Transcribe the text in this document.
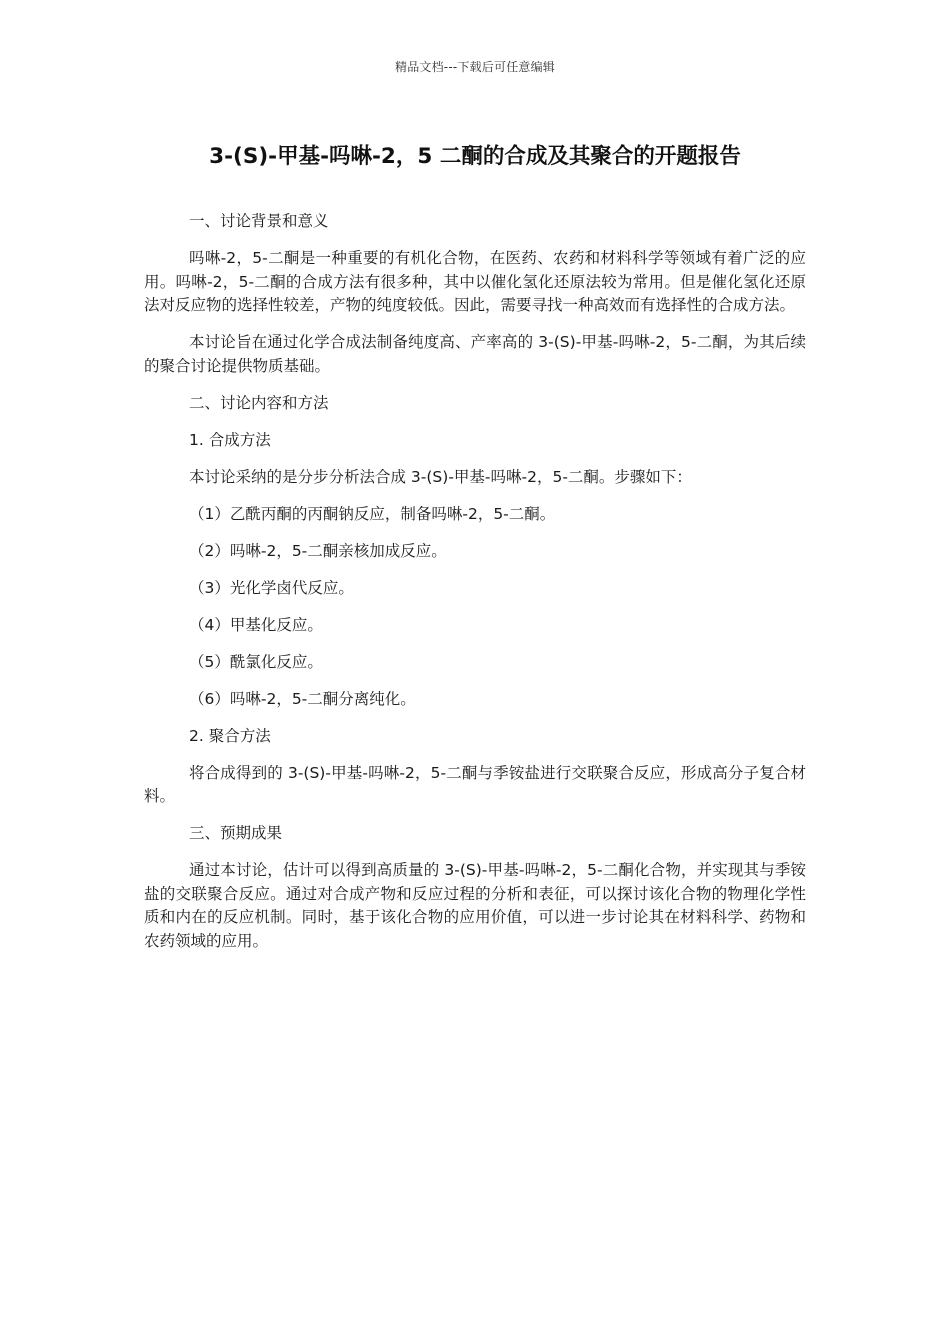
精品文档---下载后可任意编辑
3-(S)-甲基-吗啉-2，5 二酮的合成及其聚合的开题报告

一、讨论背景和意义

吗啉-2，5-二酮是一种重要的有机化合物，在医药、农药和材料科学等领域有着广泛的应用。吗啉-2，5-二酮的合成方法有很多种，其中以催化氢化还原法较为常用。但是催化氢化还原法对反应物的选择性较差，产物的纯度较低。因此，需要寻找一种高效而有选择性的合成方法。

本讨论旨在通过化学合成法制备纯度高、产率高的 3-(S)-甲基-吗啉-2，5-二酮，为其后续的聚合讨论提供物质基础。

二、讨论内容和方法

1. 合成方法

本讨论采纳的是分步分析法合成 3-(S)-甲基-吗啉-2，5-二酮。步骤如下：

（1）乙酰丙酮的丙酮钠反应，制备吗啉-2，5-二酮。

（2）吗啉-2，5-二酮亲核加成反应。

（3）光化学卤代反应。

（4）甲基化反应。

（5）酰氯化反应。

（6）吗啉-2，5-二酮分离纯化。

2. 聚合方法

将合成得到的 3-(S)-甲基-吗啉-2，5-二酮与季铵盐进行交联聚合反应，形成高分子复合材料。

三、预期成果

通过本讨论，估计可以得到高质量的 3-(S)-甲基-吗啉-2，5-二酮化合物，并实现其与季铵盐的交联聚合反应。通过对合成产物和反应过程的分析和表征，可以探讨该化合物的物理化学性质和内在的反应机制。同时，基于该化合物的应用价值，可以进一步讨论其在材料科学、药物和农药领域的应用。
